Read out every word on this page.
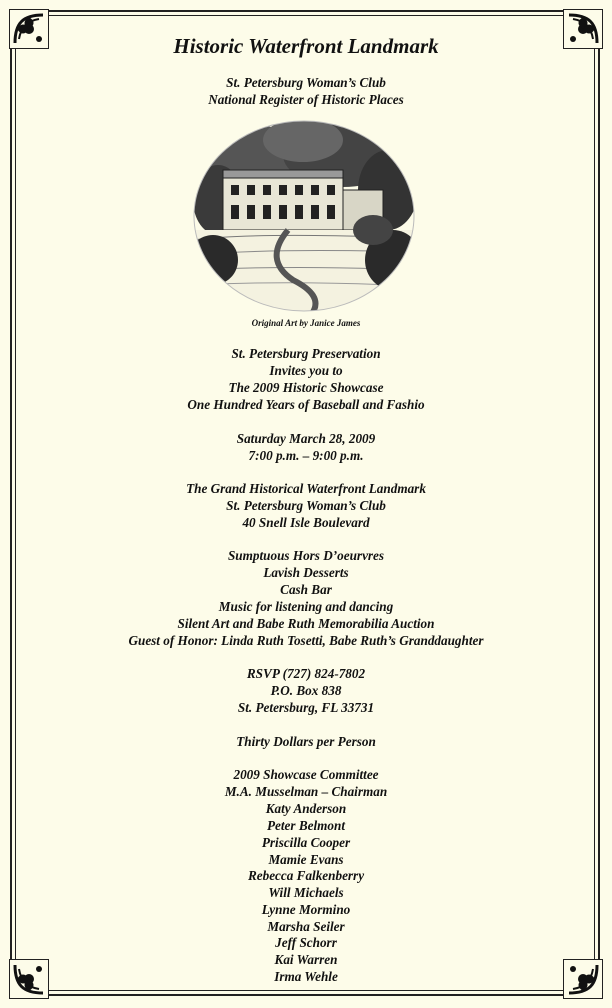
Historic Waterfront Landmark
St. Petersburg Woman’s Club
National Register of Historic Places
Original Art by Janice James
St. Petersburg Preservation
Invites you to
The 2009 Historic Showcase
One Hundred Years of Baseball and Fashio
Saturday March 28, 2009
7:00 p.m. – 9:00 p.m.
The Grand Historical Waterfront Landmark
St. Petersburg Woman’s Club
40 Snell Isle Boulevard
Sumptuous Hors D’oeurvres
Lavish Desserts
Cash Bar
Music for listening and dancing
Silent Art and Babe Ruth Memorabilia Auction
Guest of Honor: Linda Ruth Tosetti, Babe Ruth’s Granddaughter
RSVP (727) 824-7802
P.O. Box 838
St. Petersburg, FL 33731
Thirty Dollars per Person
2009 Showcase Committee
M.A. Musselman – Chairman
Katy Anderson
Peter Belmont
Priscilla Cooper
Mamie Evans
Rebecca Falkenberry
Will Michaels
Lynne Mormino
Marsha Seiler
Jeff Schorr
Kai Warren
Irma Wehle
